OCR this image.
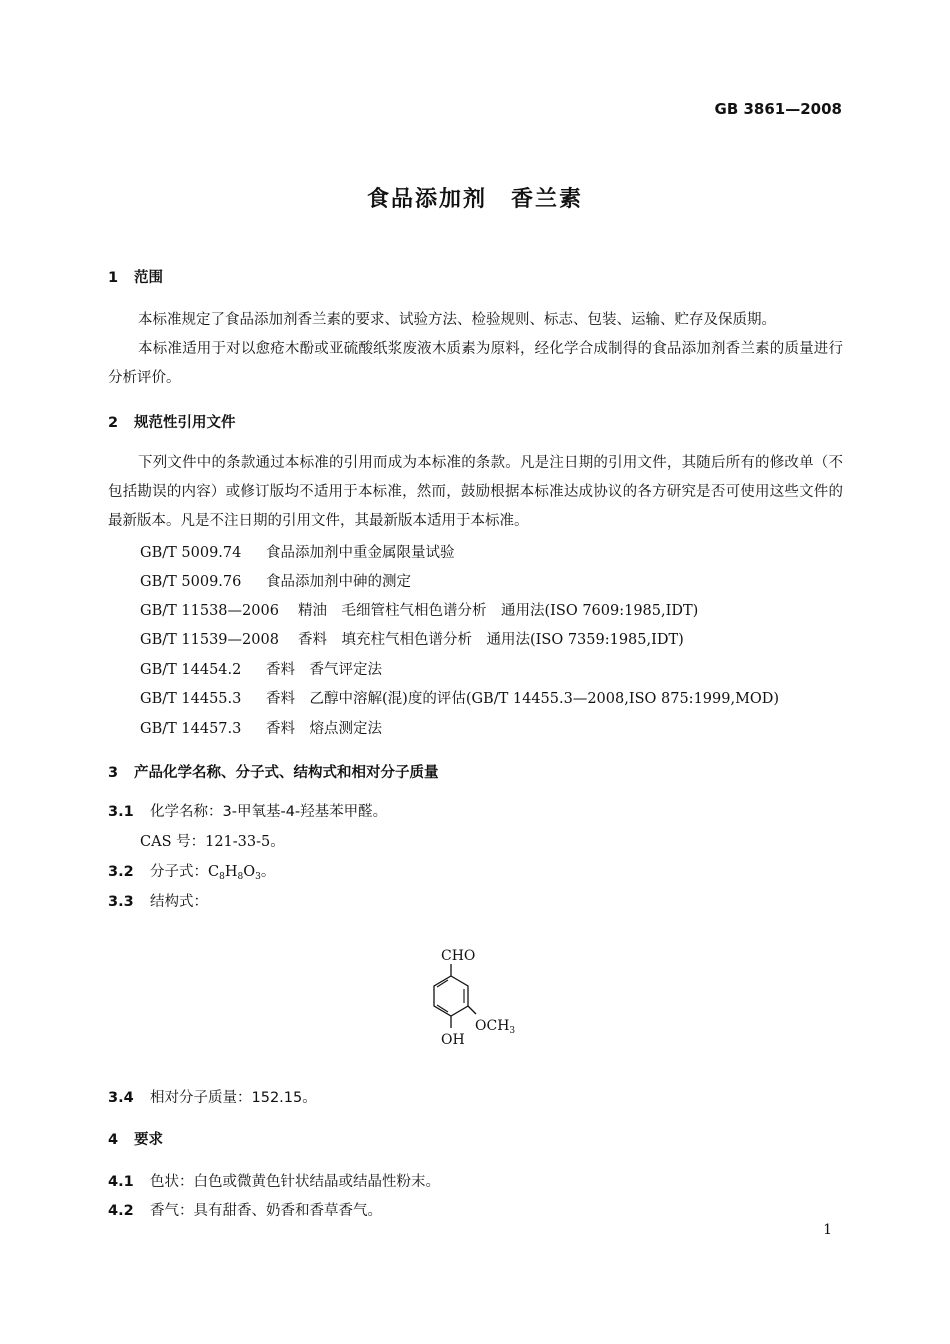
GB 3861—2008
食品添加剂　香兰素
1 范围

本标准规定了食品添加剂香兰素的要求、试验方法、检验规则、标志、包装、运输、贮存及保质期。

本标准适用于对以愈疮木酚或亚硫酸纸浆废液木质素为原料，经化学合成制得的食品添加剂香兰素的质量进行分析评价。

2 规范性引用文件

下列文件中的条款通过本标准的引用而成为本标准的条款。凡是注日期的引用文件，其随后所有的修改单（不包括勘误的内容）或修订版均不适用于本标准，然而，鼓励根据本标准达成协议的各方研究是否可使用这些文件的最新版本。凡是不注日期的引用文件，其最新版本适用于本标准。

GB/T 5009.74 食品添加剂中重金属限量试验
GB/T 5009.76 食品添加剂中砷的测定
GB/T 11538—2006 精油　毛细管柱气相色谱分析　通用法(ISO 7609:1985,IDT)
GB/T 11539—2008 香料　填充柱气相色谱分析　通用法(ISO 7359:1985,IDT)
GB/T 14454.2 香料　香气评定法
GB/T 14455.3 香料　乙醇中溶解(混)度的评估(GB/T 14455.3—2008,ISO 875:1999,MOD)
GB/T 14457.3 香料　熔点测定法
3 产品化学名称、分子式、结构式和相对分子质量
3.1 化学名称：3-甲氧基-4-羟基苯甲醛。
CAS 号：121-33-5。
3.2 分子式：$C_8H_8O_3$。
3.3 结构式：
CHO
$OCH_3$
OH
3.4 相对分子质量：152.15。
4 要求
4.1 色状：白色或微黄色针状结晶或结晶性粉末。
4.2 香气：具有甜香、奶香和香草香气。
1
